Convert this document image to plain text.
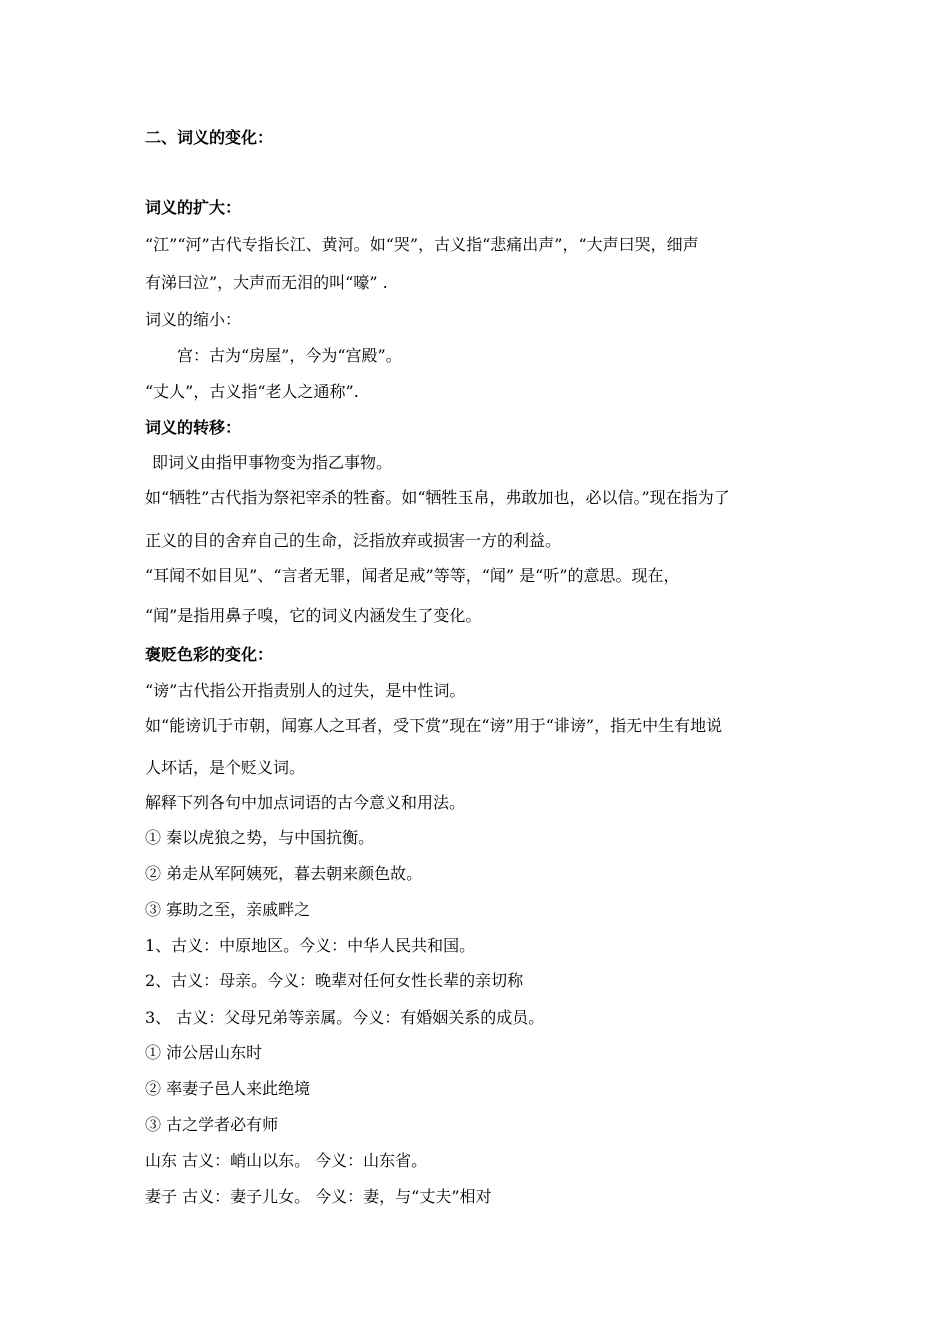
二、词义的变化：
词义的扩大：
“江”“河”古代专指长江、黄河。如“哭”，古义指“悲痛出声”，“大声曰哭，细声
有涕曰泣”，大声而无泪的叫“嚎” .
词义的缩小：
宫：古为“房屋”，今为“宫殿”。
“丈人”，古义指“老人之通称”.
词义的转移：
即词义由指甲事物变为指乙事物。
如“牺牲”古代指为祭祀宰杀的牲畜。如“牺牲玉帛，弗敢加也，必以信。”现在指为了
正义的目的舍弃自己的生命，泛指放弃或损害一方的利益。
“耳闻不如目见”、“言者无罪，闻者足戒”等等，“闻” 是“听”的意思。现在，
“闻”是指用鼻子嗅，它的词义内涵发生了变化。
褒贬色彩的变化：
“谤”古代指公开指责别人的过失，是中性词。
如“能谤讥于市朝，闻寡人之耳者，受下赏”现在“谤”用于“诽谤”，指无中生有地说
人坏话，是个贬义词。
解释下列各句中加点词语的古今意义和用法。
① 秦以虎狼之势，与中国抗衡。
② 弟走从军阿姨死，暮去朝来颜色故。
③ 寡助之至，亲戚畔之
1、古义：中原地区。今义：中华人民共和国。
2、古义：母亲。今义：晚辈对任何女性长辈的亲切称
3、 古义：父母兄弟等亲属。今义：有婚姻关系的成员。
① 沛公居山东时
② 率妻子邑人来此绝境
③ 古之学者必有师
山东 古义：峭山以东。 今义：山东省。
妻子 古义：妻子儿女。 今义：妻，与“丈夫”相对
